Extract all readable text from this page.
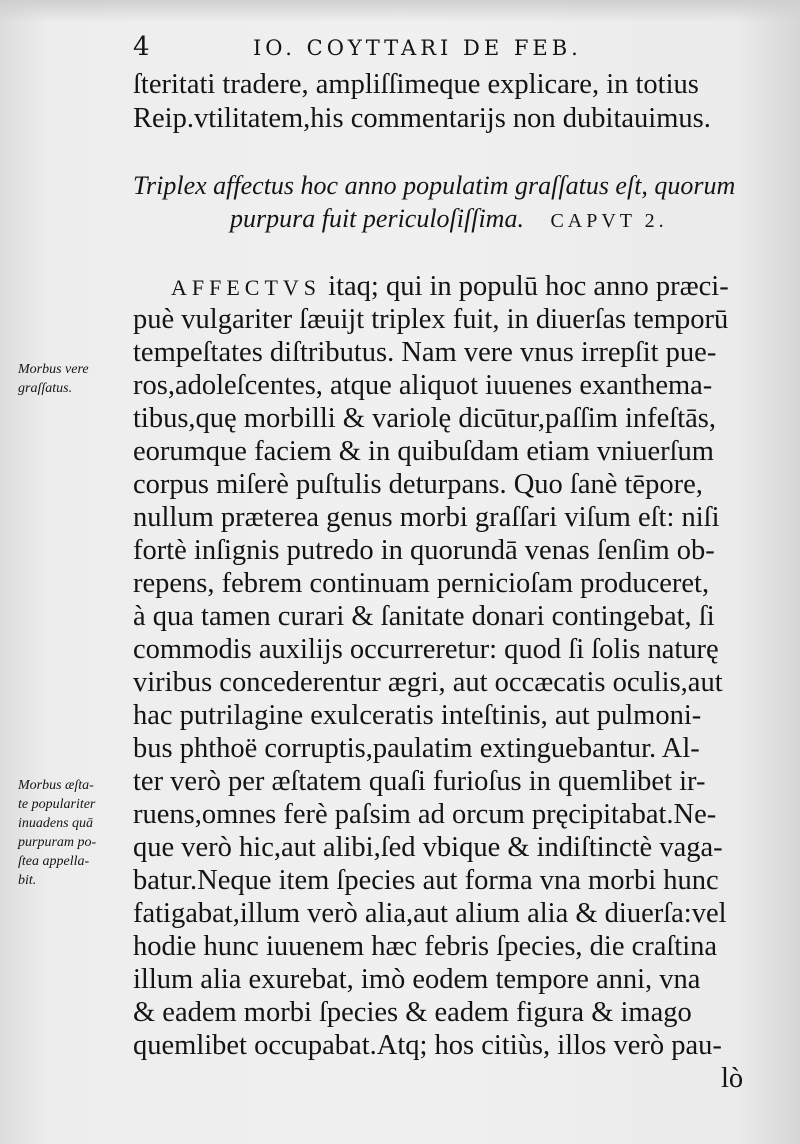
4	IO. COYTTARI DE FEB.
ſteritati tradere, ampliſſimeque explicare, in totius
Reip.vtilitatem,his commentarijs non dubitauimus.
Triplex affectus hoc anno populatim graſſatus eſt, quorum
purpura fuit periculoſiſſima. CAPVT 2.
AFFECTVS itaq; qui in populū hoc anno præci-
puè vulgariter ſæuijt triplex fuit, in diuerſas temporū
tempeſtates diſtributus. Nam vere vnus irrepſit pue-
ros,adoleſcentes, atque aliquot iuuenes exanthema-
tibus,quę morbilli & variolę dicūtur,paſſim infeſtās,
eorumque faciem & in quibuſdam etiam vniuerſum
corpus miſerè puſtulis deturpans. Quo ſanè tēpore,
nullum præterea genus morbi graſſari viſum eſt: niſi
fortè inſignis putredo in quorundā venas ſenſim ob-
repens, febrem continuam pernicioſam produceret,
à qua tamen curari & ſanitate donari contingebat, ſi
commodis auxilijs occurreretur: quod ſi ſolis naturę
viribus concederentur ægri, aut occæcatis oculis,aut
hac putrilagine exulceratis inteſtinis, aut pulmoni-
bus phthoë corruptis,paulatim extinguebantur. Al-
ter verò per æſtatem quaſi furioſus in quemlibet ir-
ruens,omnes ferè paſsim ad orcum pręcipitabat.Ne-
que verò hic,aut alibi,ſed vbique & indiſtinctè vaga-
batur.Neque item ſpecies aut forma vna morbi hunc
fatigabat,illum verò alia,aut alium alia & diuerſa:vel
hodie hunc iuuenem hæc febris ſpecies, die craſtina
illum alia exurebat, imò eodem tempore anni, vna
& eadem morbi ſpecies & eadem figura & imago
quemlibet occupabat.Atq; hos citiùs, illos verò pau-
lò
Morbus vere
graſſatus.
Morbus æſta-
te populariter
inuadens quā
purpuram po-
ſtea appella-
bit.
